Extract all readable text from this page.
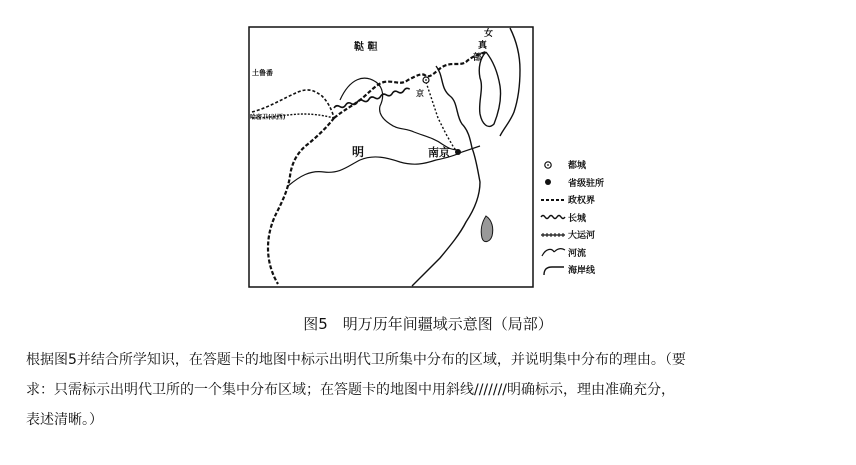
鞑 靼
女
真
部
土鲁番
哈密卫(以西)
京
明	南京
都城
省级驻所
政权界
长城
大运河
河流
海岸线
图5　明万历年间疆域示意图（局部）

根据图5并结合所学知识，在答题卡的地图中标示出明代卫所集中分布的区域，并说明集中分布的理由。（要

求：只需标示出明代卫所的一个集中分布区域；在答题卡的地图中用斜线///////明确标示，理由准确充分，

表述清晰。）
